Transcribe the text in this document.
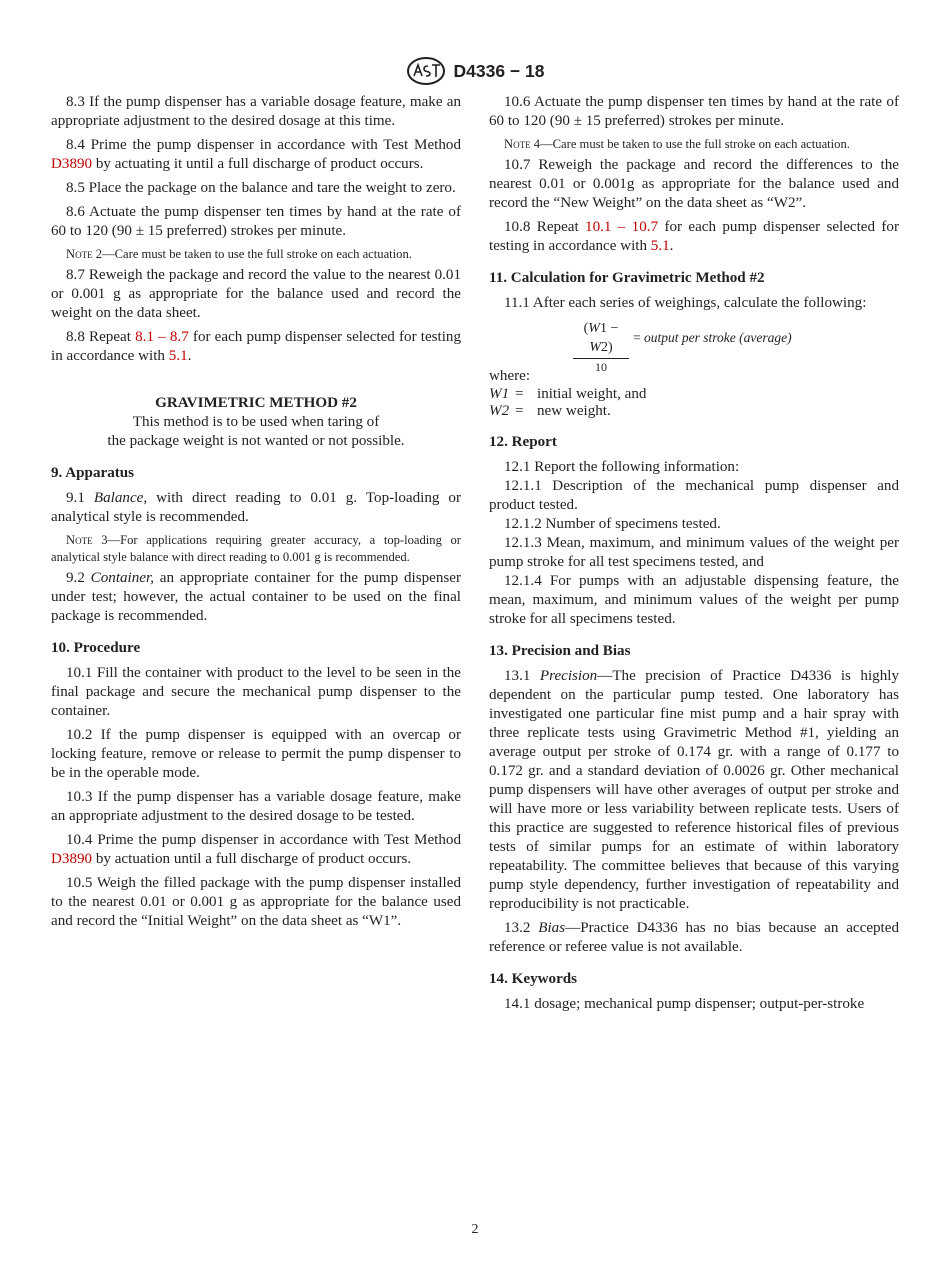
D4336 − 18

8.3 If the pump dispenser has a variable dosage feature, make an appropriate adjustment to the desired dosage at this time.

8.4 Prime the pump dispenser in accordance with Test Method D3890 by actuating it until a full discharge of product occurs.

8.5 Place the package on the balance and tare the weight to zero.

8.6 Actuate the pump dispenser ten times by hand at the rate of 60 to 120 (90 ± 15 preferred) strokes per minute.

Note 2—Care must be taken to use the full stroke on each actuation.

8.7 Reweigh the package and record the value to the nearest 0.01 or 0.001 g as appropriate for the balance used and record the weight on the data sheet.

8.8 Repeat 8.1 – 8.7 for each pump dispenser selected for testing in accordance with 5.1.

GRAVIMETRIC METHOD #2

This method is to be used when taring of

the package weight is not wanted or not possible.

9. Apparatus

9.1 Balance, with direct reading to 0.01 g. Top-loading or analytical style is recommended.

Note 3—For applications requiring greater accuracy, a top-loading or analytical style balance with direct reading to 0.001 g is recommended.

9.2 Container, an appropriate container for the pump dispenser under test; however, the actual container to be used on the final package is recommended.

10. Procedure

10.1 Fill the container with product to the level to be seen in the final package and secure the mechanical pump dispenser to the container.

10.2 If the pump dispenser is equipped with an overcap or locking feature, remove or release to permit the pump dispenser to be in the operable mode.

10.3 If the pump dispenser has a variable dosage feature, make an appropriate adjustment to the desired dosage to be tested.

10.4 Prime the pump dispenser in accordance with Test Method D3890 by actuation until a full discharge of product occurs.

10.5 Weigh the filled package with the pump dispenser installed to the nearest 0.01 or 0.001 g as appropriate for the balance used and record the “Initial Weight” on the data sheet as “W1”.

10.6 Actuate the pump dispenser ten times by hand at the rate of 60 to 120 (90 ± 15 preferred) strokes per minute.

Note 4—Care must be taken to use the full stroke on each actuation.

10.7 Reweigh the package and record the differences to the nearest 0.01 or 0.001g as appropriate for the balance used and record the “New Weight” on the data sheet as “W2”.

10.8 Repeat 10.1 – 10.7 for each pump dispenser selected for testing in accordance with 5.1.

11. Calculation for Gravimetric Method #2

11.1 After each series of weighings, calculate the following:

$\frac{(W1 - W2)}{10}$ = output per stroke (average)

where:

W1 = initial weight, and
W2 = new weight.
12. Report

12.1 Report the following information:

12.1.1 Description of the mechanical pump dispenser and product tested.

12.1.2 Number of specimens tested.

12.1.3 Mean, maximum, and minimum values of the weight per pump stroke for all test specimens tested, and

12.1.4 For pumps with an adjustable dispensing feature, the mean, maximum, and minimum values of the weight per pump stroke for all specimens tested.

13. Precision and Bias

13.1 Precision—The precision of Practice D4336 is highly dependent on the particular pump tested. One laboratory has investigated one particular fine mist pump and a hair spray with three replicate tests using Gravimetric Method #1, yielding an average output per stroke of 0.174 gr. with a range of 0.177 to 0.172 gr. and a standard deviation of 0.0026 gr. Other mechanical pump dispensers will have other averages of output per stroke and will have more or less variability between replicate tests. Users of this practice are suggested to reference historical files of previous tests of similar pumps for an estimate of within laboratory repeatability. The committee believes that because of this varying pump style dependency, further investigation of repeatability and reproducibility is not practicable.

13.2 Bias—Practice D4336 has no bias because an accepted reference or referee value is not available.

14. Keywords

14.1 dosage; mechanical pump dispenser; output-per-stroke

2
